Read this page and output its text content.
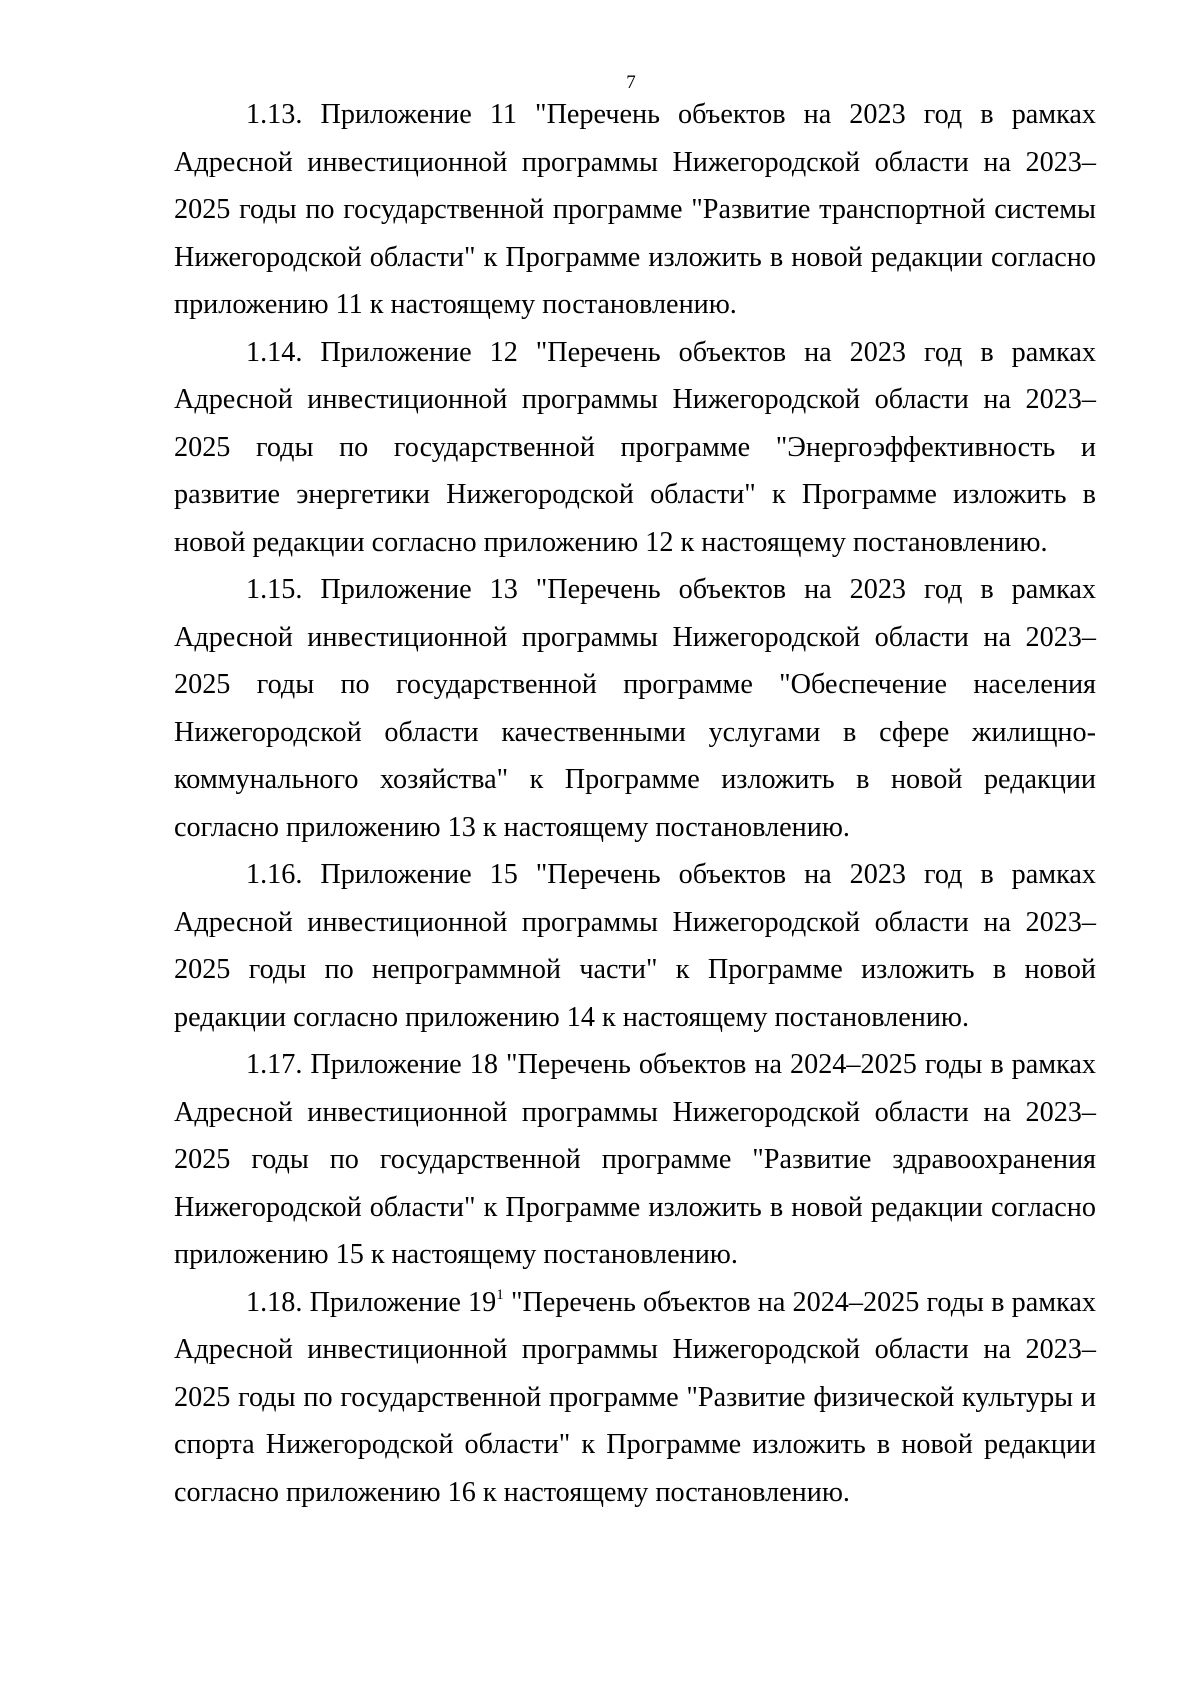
7

1.13. Приложение 11 "Перечень объектов на 2023 год в рамках Адресной инвестиционной программы Нижегородской области на 2023–2025 годы по государственной программе "Развитие транспортной системы Нижегородской области" к Программе изложить в новой редакции согласно приложению 11 к настоящему постановлению.

1.14. Приложение 12 "Перечень объектов на 2023 год в рамках Адресной инвестиционной программы Нижегородской области на 2023–2025 годы по государственной программе "Энергоэффективность и развитие энергетики Нижегородской области" к Программе изложить в новой редакции согласно приложению 12 к настоящему постановлению.

1.15. Приложение 13 "Перечень объектов на 2023 год в рамках Адресной инвестиционной программы Нижегородской области на 2023–2025 годы по государственной программе "Обеспечение населения Нижегородской области качественными услугами в сфере жилищно-коммунального хозяйства" к Программе изложить в новой редакции согласно приложению 13 к настоящему постановлению.

1.16. Приложение 15 "Перечень объектов на 2023 год в рамках Адресной инвестиционной программы Нижегородской области на 2023–2025 годы по непрограммной части" к Программе изложить в новой редакции согласно приложению 14 к настоящему постановлению.

1.17. Приложение 18 "Перечень объектов на 2024–2025 годы в рамках Адресной инвестиционной программы Нижегородской области на 2023–2025 годы по государственной программе "Развитие здравоохранения Нижегородской области" к Программе изложить в новой редакции согласно приложению 15 к настоящему постановлению.

1.18. Приложение $19^1$ "Перечень объектов на 2024–2025 годы в рамках Адресной инвестиционной программы Нижегородской области на 2023–2025 годы по государственной программе "Развитие физической культуры и спорта Нижегородской области" к Программе изложить в новой редакции согласно приложению 16 к настоящему постановлению.
